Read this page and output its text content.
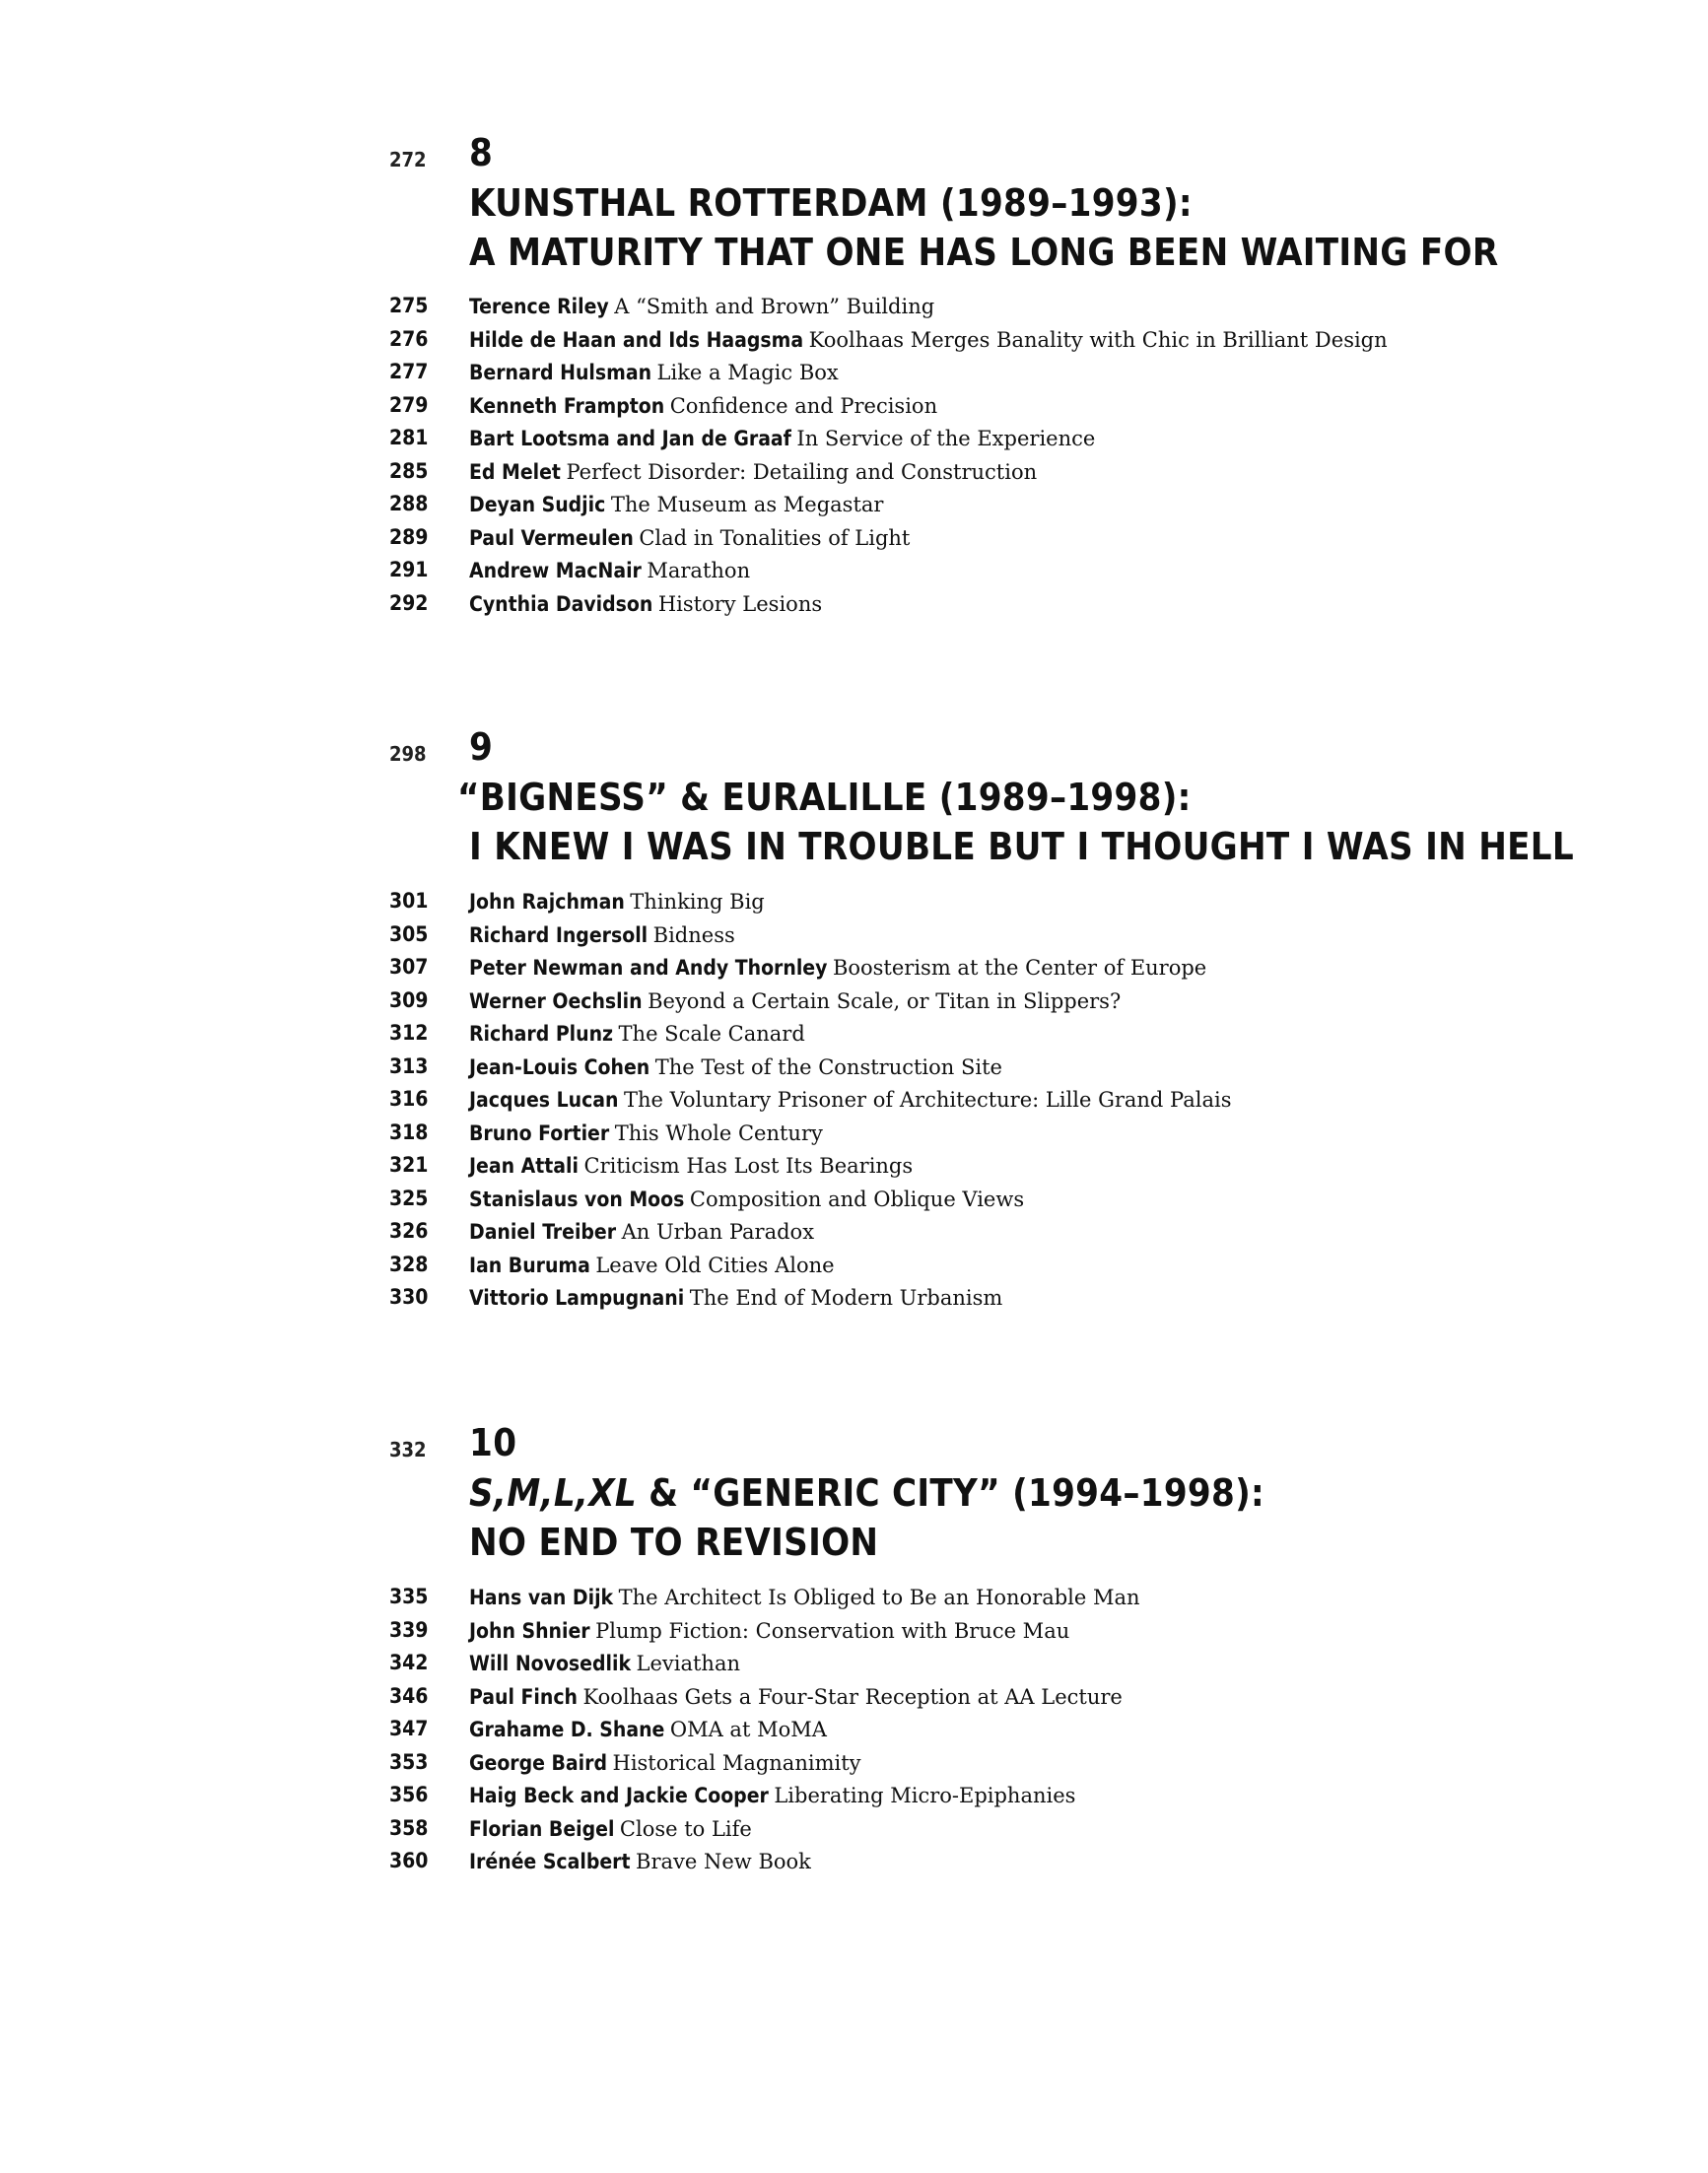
272 8
KUNSTHAL ROTTERDAM (1989–1993):
A MATURITY THAT ONE HAS LONG BEEN WAITING FOR
275 Terence Riley A “Smith and Brown” Building
276 Hilde de Haan and Ids Haagsma Koolhaas Merges Banality with Chic in Brilliant Design
277 Bernard Hulsman Like a Magic Box
279 Kenneth Frampton Confidence and Precision
281 Bart Lootsma and Jan de Graaf In Service of the Experience
285 Ed Melet Perfect Disorder: Detailing and Construction
288 Deyan Sudjic The Museum as Megastar
289 Paul Vermeulen Clad in Tonalities of Light
291 Andrew MacNair Marathon
292 Cynthia Davidson History Lesions
298 9
“BIGNESS” & EURALILLE (1989–1998):
I KNEW I WAS IN TROUBLE BUT I THOUGHT I WAS IN HELL
301 John Rajchman Thinking Big
305 Richard Ingersoll Bidness
307 Peter Newman and Andy Thornley Boosterism at the Center of Europe
309 Werner Oechslin Beyond a Certain Scale, or Titan in Slippers?
312 Richard Plunz The Scale Canard
313 Jean-Louis Cohen The Test of the Construction Site
316 Jacques Lucan The Voluntary Prisoner of Architecture: Lille Grand Palais
318 Bruno Fortier This Whole Century
321 Jean Attali Criticism Has Lost Its Bearings
325 Stanislaus von Moos Composition and Oblique Views
326 Daniel Treiber An Urban Paradox
328 Ian Buruma Leave Old Cities Alone
330 Vittorio Lampugnani The End of Modern Urbanism
332 10
S,M,L,XL & “GENERIC CITY” (1994–1998):
NO END TO REVISION
335 Hans van Dijk The Architect Is Obliged to Be an Honorable Man
339 John Shnier Plump Fiction: Conservation with Bruce Mau
342 Will Novosedlik Leviathan
346 Paul Finch Koolhaas Gets a Four-Star Reception at AA Lecture
347 Grahame D. Shane OMA at MoMA
353 George Baird Historical Magnanimity
356 Haig Beck and Jackie Cooper Liberating Micro-Epiphanies
358 Florian Beigel Close to Life
360 Irénée Scalbert Brave New Book
